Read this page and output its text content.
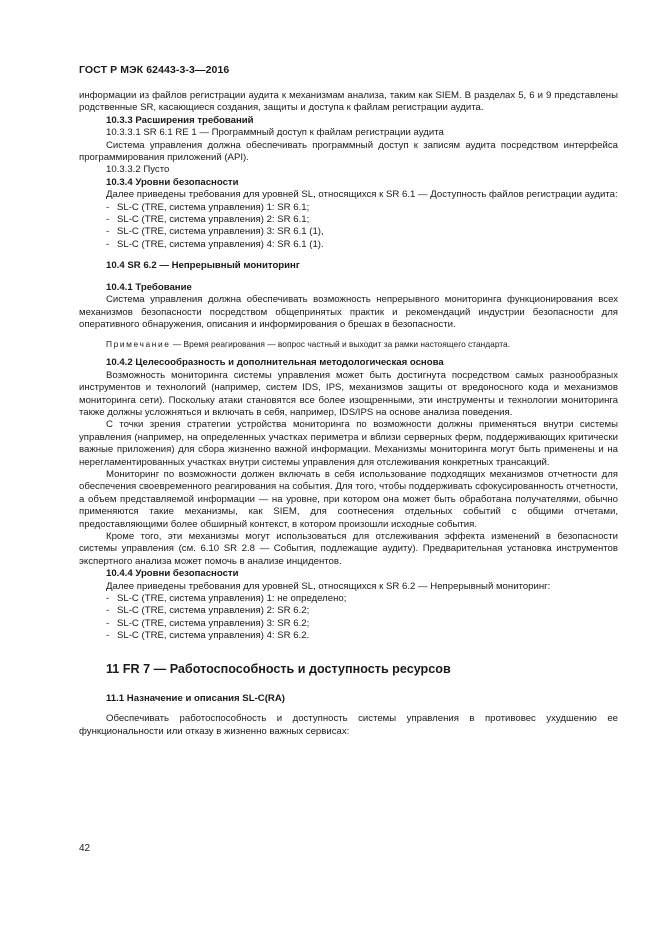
ГОСТ Р МЭК 62443-3-3—2016

информации из файлов регистрации аудита к механизмам анализа, таким как SIEM. В разделах 5, 6 и 9 представлены родственные SR, касающиеся создания, защиты и доступа к файлам регистрации аудита.

10.3.3 Расширения требований

10.3.3.1 SR 6.1 RE 1 — Программный доступ к файлам регистрации аудита

Система управления должна обеспечивать программный доступ к записям аудита посредством интерфейса программирования приложений (API).

10.3.3.2 Пусто

10.3.4 Уровни безопасности

Далее приведены требования для уровней SL, относящихся к SR 6.1 — Доступность файлов регистрации аудита:

- SL-C (TRE, система управления) 1: SR 6.1;

- SL-C (TRE, система управления) 2: SR 6.1;

- SL-C (TRE, система управления) 3: SR 6.1 (1),

- SL-C (TRE, система управления) 4: SR 6.1 (1).

10.4 SR 6.2 — Непрерывный мониторинг

10.4.1 Требование

Система управления должна обеспечивать возможность непрерывного мониторинга функционирования всех механизмов безопасности посредством общепринятых практик и рекомендаций индустрии безопасности для оперативного обнаружения, описания и информирования о брешах в безопасности.

Примечание — Время реагирования — вопрос частный и выходит за рамки настоящего стандарта.

10.4.2 Целесообразность и дополнительная методологическая основа

Возможность мониторинга системы управления может быть достигнута посредством самых разнообразных инструментов и технологий (например, систем IDS, IPS, механизмов защиты от вредоносного кода и механизмов мониторинга сети). Поскольку атаки становятся все более изощренными, эти инструменты и технологии мониторинга также должны усложняться и включать в себя, например, IDS/IPS на основе анализа поведения.

С точки зрения стратегии устройства мониторинга по возможности должны применяться внутри системы управления (например, на определенных участках периметра и вблизи серверных ферм, поддерживающих критически важные приложения) для сбора жизненно важной информации. Механизмы мониторинга могут быть применены и на нерегламентированных участках внутри системы управления для отслеживания конкретных трансакций.

Мониторинг по возможности должен включать в себя использование подходящих механизмов отчетности для обеспечения своевременного реагирования на события. Для того, чтобы поддерживать сфокусированность отчетности, а объем представляемой информации — на уровне, при котором она может быть обработана получателями, обычно применяются такие механизмы, как SIEM, для соотнесения отдельных событий с общими отчетами, предоставляющими более обширный контекст, в котором произошли исходные события.

Кроме того, эти механизмы могут использоваться для отслеживания эффекта изменений в безопасности системы управления (см. 6.10 SR 2.8 — События, подлежащие аудиту). Предварительная установка инструментов экспертного анализа может помочь в анализе инцидентов.

10.4.4 Уровни безопасности

Далее приведены требования для уровней SL, относящихся к SR 6.2 — Непрерывный мониторинг:

- SL-C (TRE, система управления) 1: не определено;

- SL-C (TRE, система управления) 2: SR 6.2;

- SL-C (TRE, система управления) 3: SR 6.2;

- SL-C (TRE, система управления) 4: SR 6.2.

11 FR 7 — Работоспособность и доступность ресурсов

11.1 Назначение и описания SL-C(RA)

Обеспечивать работоспособность и доступность системы управления в противовес ухудшению ее функциональности или отказу в жизненно важных сервисах:

42
